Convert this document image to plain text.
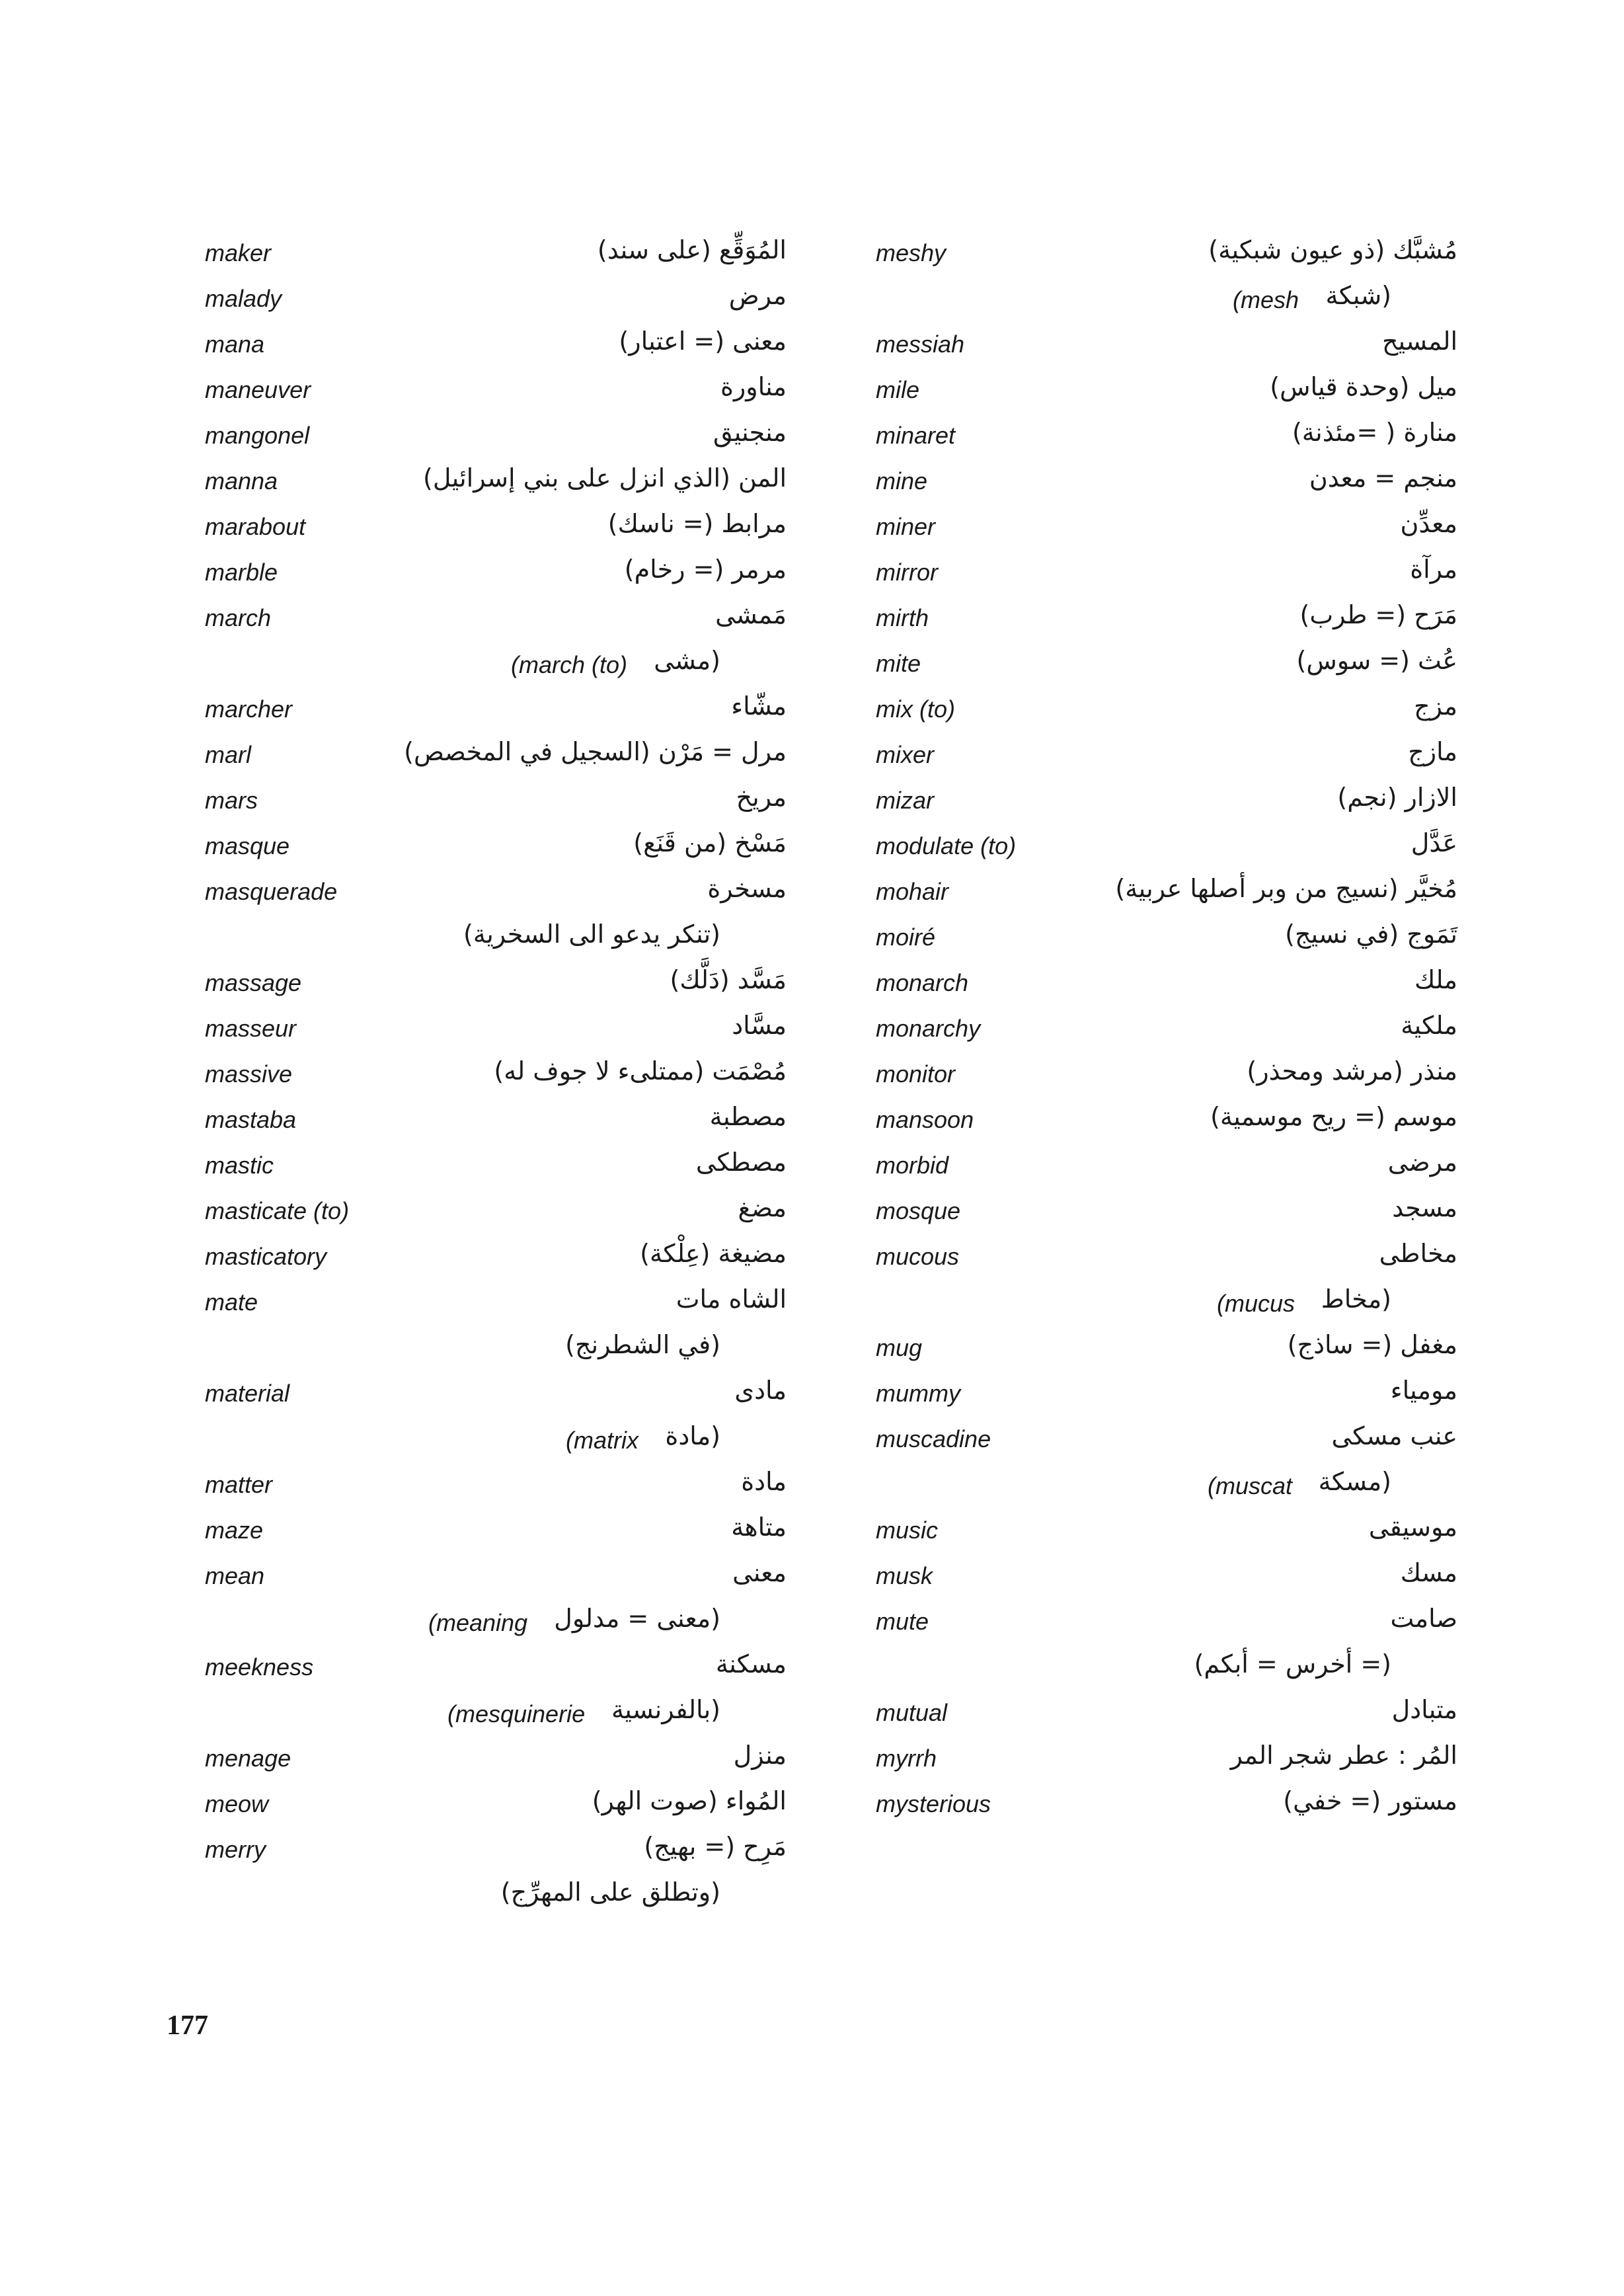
maker	المُوَقِّع (على سند)
malady	مرض
mana	معنى (= اعتبار)
maneuver	مناورة
mangonel	منجنيق
manna	المن (الذي انزل على بني إسرائيل)
marabout	مرابط (= ناسك)
marble	مرمر (= رخام)
march	مَمشى
(march (to) (مشى
marcher	مشّاء
marl	مرل = مَرْن (السجيل في المخصص)
mars	مريخ
masque	مَسْخ (من قَنَع)
masquerade	مسخرة
(تنكر يدعو الى السخرية)
massage	مَسَّد (دَلَّك)
masseur	مسَّاد
massive	مُصْمَت (ممتلىء لا جوف له)
mastaba	مصطبة
mastic	مصطكى
masticate (to)	مضغ
masticatory	مضيغة (عِلْكة)
mate	الشاه مات
(في الشطرنج)
material	مادى
(matrix (مادة
matter	مادة
maze	متاهة
mean	معنى
(meaning (معنى = مدلول
meekness	مسكنة
(mesquinerie (بالفرنسية
menage	منزل
meow	المُواء (صوت الهر)
merry	مَرِح (= بهيج)
(وتطلق على المهرِّج)
meshy	مُشبَّك (ذو عيون شبكية)
(mesh (شبكة
messiah	المسيح
mile	ميل (وحدة قياس)
minaret	منارة ( =مئذنة)
mine	منجم = معدن
miner	معدِّن
mirror	مرآة
mirth	مَرَح (= طرب)
mite	عُث (= سوس)
mix (to)	مزج
mixer	مازج
mizar	الازار (نجم)
modulate (to)	عَدَّل
mohair	مُخيَّر (نسيج من وبر أصلها عربية)
moiré	تَمَوج (في نسيج)
monarch	ملك
monarchy	ملكية
monitor	منذر (مرشد ومحذر)
mansoon	موسم (= ريح موسمية)
morbid	مرضى
mosque	مسجد
mucous	مخاطى
(mucus (مخاط
mug	مغفل (= ساذج)
mummy	مومياء
muscadine	عنب مسكى
(muscat (مسكة
music	موسيقى
musk	مسك
mute	صامت
(= أخرس = أبكم)
mutual	متبادل
myrrh	المُر : عطر شجر المر
mysterious	مستور (= خفي)
177
